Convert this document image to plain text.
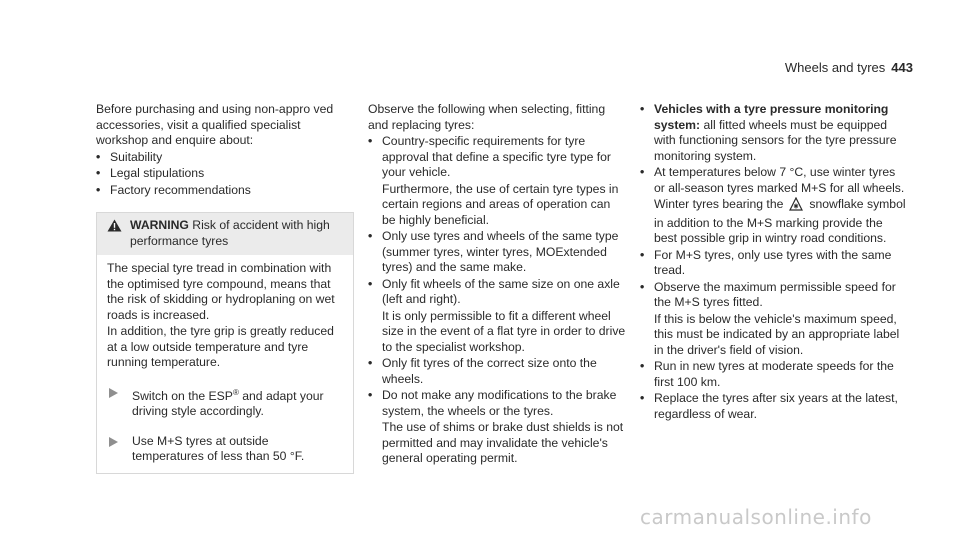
Wheels and tyres 443

Before purchasing and using non-appro ved accessories, visit a qualified specialist workshop and enquire about:

• Suitability
• Legal stipulations
• Factory recommendations
WARNING Risk of accident with high performance tyres

The special tyre tread in combination with the optimised tyre compound, means that the risk of skidding or hydroplaning on wet roads is increased.

In addition, the tyre grip is greatly reduced at a low outside temperature and tyre running temperature.

Switch on the ESP® and adapt your driving style accordingly.
Use M+S tyres at outside temperatures of less than 50 °F.

Observe the following when selecting, fitting and replacing tyres:

• Country-specific requirements for tyre approval that define a specific tyre type for your vehicle.

Furthermore, the use of certain tyre types in certain regions and areas of operation can be highly beneficial.

• Only use tyres and wheels of the same type (summer tyres, winter tyres, MOExtended tyres) and the same make.

• Only fit wheels of the same size on one axle (left and right).

It is only permissible to fit a different wheel size in the event of a flat tyre in order to drive to the specialist workshop.

• Only fit tyres of the correct size onto the wheels.

• Do not make any modifications to the brake system, the wheels or the tyres.

The use of shims or brake dust shields is not permitted and may invalidate the vehicle's general operating permit.

• Vehicles with a tyre pressure monitoring system: all fitted wheels must be equipped with functioning sensors for the tyre pressure monitoring system.

• At temperatures below 7 °C, use winter tyres or all-season tyres marked M+S for all wheels.

Winter tyres bearing the snowflake symbol in addition to the M+S marking provide the best possible grip in wintry road conditions.

• For M+S tyres, only use tyres with the same tread.

• Observe the maximum permissible speed for the M+S tyres fitted.

If this is below the vehicle's maximum speed, this must be indicated by an appropriate label in the driver's field of vision.

• Run in new tyres at moderate speeds for the first 100 km.
• Replace the tyres after six years at the latest, regardless of wear.
carmanualsonline.info
